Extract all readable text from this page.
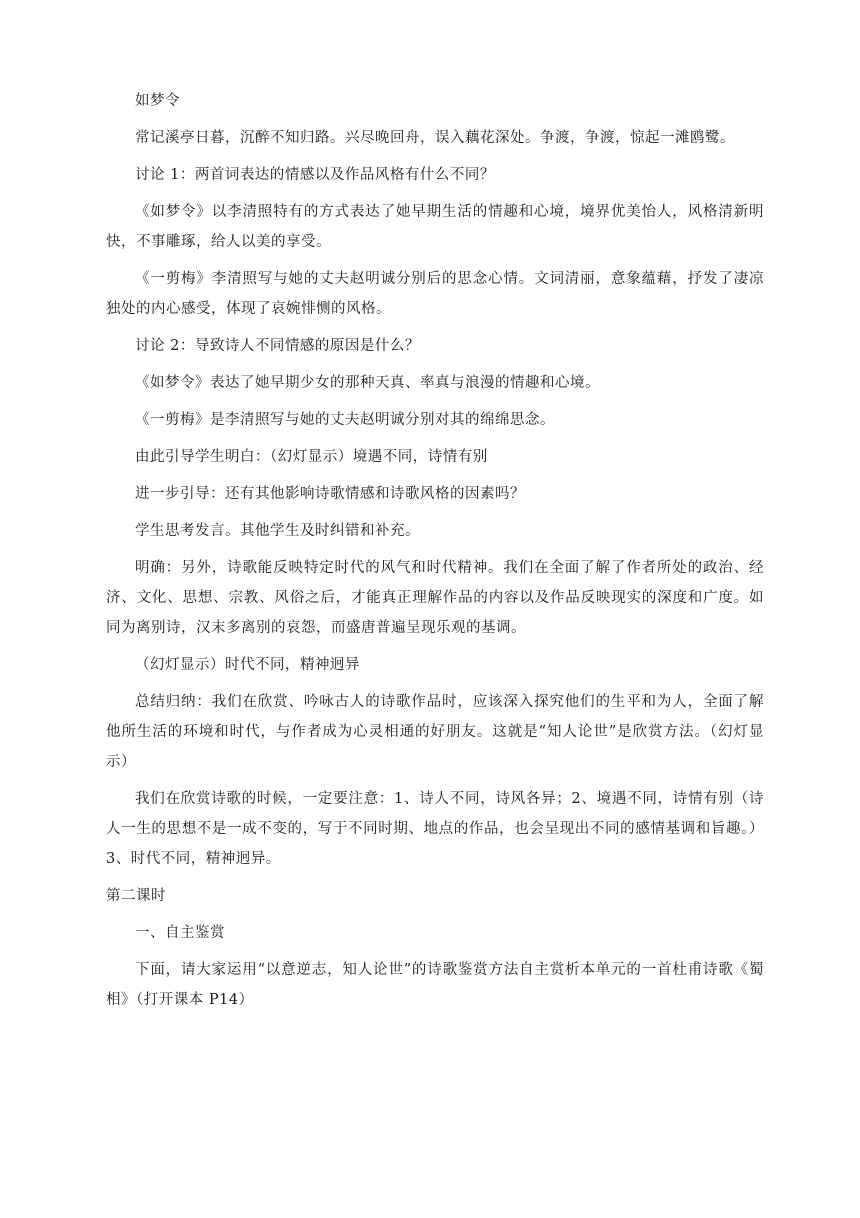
如梦令

常记溪亭日暮，沉醉不知归路。兴尽晚回舟，误入藕花深处。争渡，争渡，惊起一滩鸥鹭。

讨论 1：两首词表达的情感以及作品风格有什么不同？

《如梦令》以李清照特有的方式表达了她早期生活的情趣和心境，境界优美怡人，风格清新明快，不事雕琢，给人以美的享受。

《一剪梅》李清照写与她的丈夫赵明诚分别后的思念心情。文词清丽，意象蕴藉，抒发了凄凉独处的内心感受，体现了哀婉悱恻的风格。

讨论 2：导致诗人不同情感的原因是什么？

《如梦令》表达了她早期少女的那种天真、率真与浪漫的情趣和心境。

《一剪梅》是李清照写与她的丈夫赵明诚分别对其的绵绵思念。

由此引导学生明白：（幻灯显示）境遇不同，诗情有别

进一步引导：还有其他影响诗歌情感和诗歌风格的因素吗？

学生思考发言。其他学生及时纠错和补充。

明确：另外，诗歌能反映特定时代的风气和时代精神。我们在全面了解了作者所处的政治、经济、文化、思想、宗教、风俗之后，才能真正理解作品的内容以及作品反映现实的深度和广度。如同为离别诗，汉末多离别的哀怨，而盛唐普遍呈现乐观的基调。

（幻灯显示）时代不同，精神迥异

总结归纳：我们在欣赏、吟咏古人的诗歌作品时，应该深入探究他们的生平和为人，全面了解他所生活的环境和时代，与作者成为心灵相通的好朋友。这就是“知人论世”是欣赏方法。（幻灯显示）

我们在欣赏诗歌的时候，一定要注意：1、诗人不同，诗风各异；2、境遇不同，诗情有别（诗人一生的思想不是一成不变的，写于不同时期、地点的作品，也会呈现出不同的感情基调和旨趣。）3、时代不同，精神迥异。

第二课时

一、自主鉴赏

下面，请大家运用“以意逆志，知人论世”的诗歌鉴赏方法自主赏析本单元的一首杜甫诗歌《蜀相》（打开课本 P14）
